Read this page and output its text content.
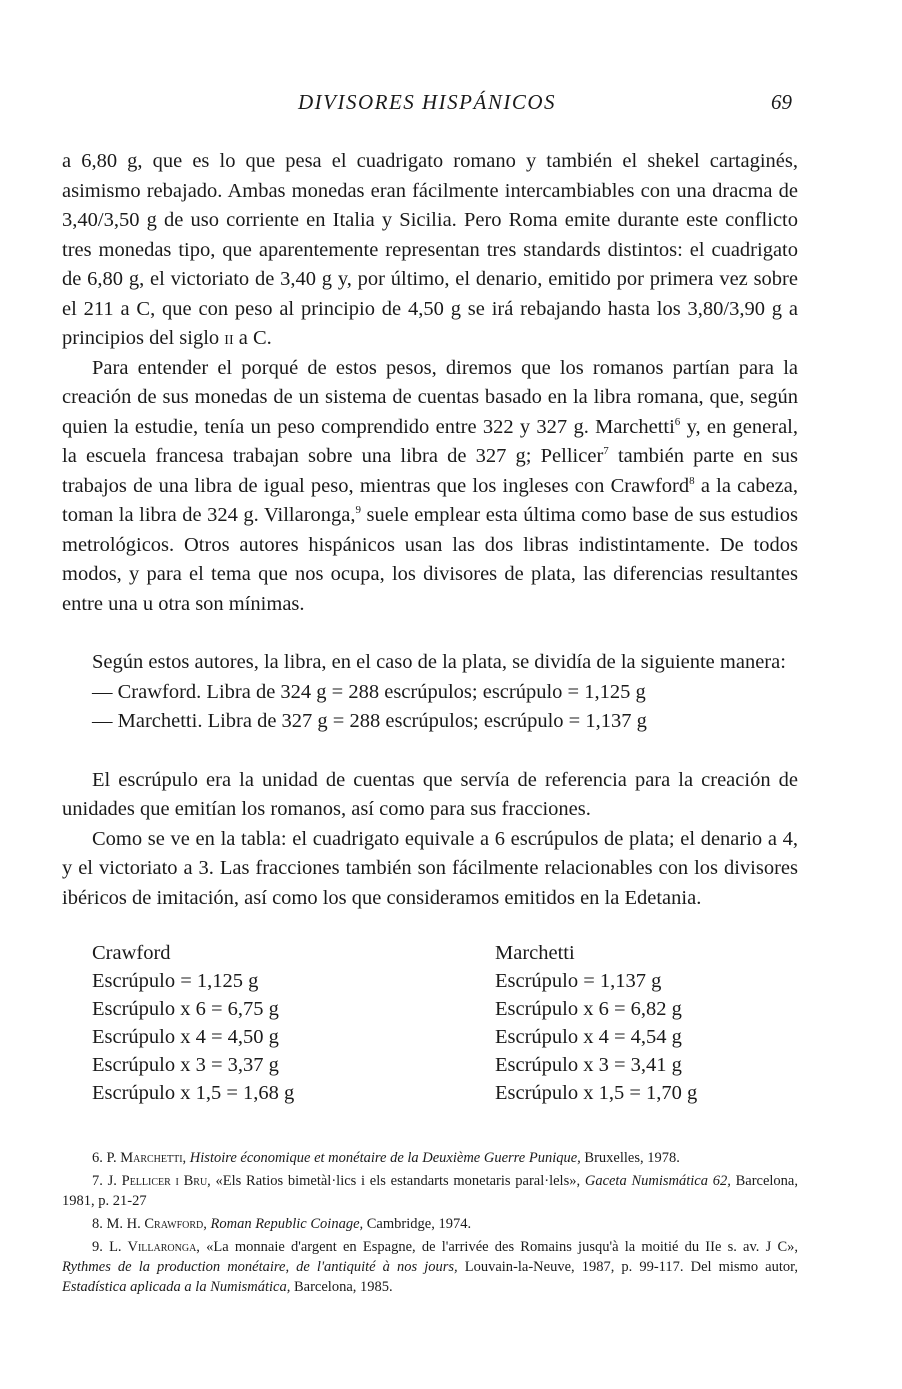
DIVISORES HISPÁNICOS	69

a 6,80 g, que es lo que pesa el cuadrigato romano y también el shekel cartaginés, asimismo rebajado. Ambas monedas eran fácilmente intercambiables con una dracma de 3,40/3,50 g de uso corriente en Italia y Sicilia. Pero Roma emite durante este conflicto tres monedas tipo, que aparentemente representan tres standards distintos: el cuadrigato de 6,80 g, el victoriato de 3,40 g y, por último, el denario, emitido por primera vez sobre el 211 a C, que con peso al principio de 4,50 g se irá rebajando hasta los 3,80/3,90 g a principios del siglo ii a C.

Para entender el porqué de estos pesos, diremos que los romanos partían para la creación de sus monedas de un sistema de cuentas basado en la libra romana, que, según quien la estudie, tenía un peso comprendido entre 322 y 327 g. Marchetti$^6$ y, en general, la escuela francesa trabajan sobre una libra de 327 g; Pellicer$^7$ también parte en sus trabajos de una libra de igual peso, mientras que los ingleses con Crawford$^8$ a la cabeza, toman la libra de 324 g. Villaronga,$^9$ suele emplear esta última como base de sus estudios metrológicos. Otros autores hispánicos usan las dos libras indistintamente. De todos modos, y para el tema que nos ocupa, los divisores de plata, las diferencias resultantes entre una u otra son mínimas.

Según estos autores, la libra, en el caso de la plata, se dividía de la siguiente manera:

— Crawford. Libra de 324 g = 288 escrúpulos; escrúpulo = 1,125 g

— Marchetti. Libra de 327 g = 288 escrúpulos; escrúpulo = 1,137 g

El escrúpulo era la unidad de cuentas que servía de referencia para la creación de unidades que emitían los romanos, así como para sus fracciones.

Como se ve en la tabla: el cuadrigato equivale a 6 escrúpulos de plata; el denario a 4, y el victoriato a 3. Las fracciones también son fácilmente relacionables con los divisores ibéricos de imitación, así como los que consideramos emitidos en la Edetania.

Crawford
Escrúpulo = 1,125 g
Escrúpulo x 6 = 6,75 g
Escrúpulo x 4 = 4,50 g
Escrúpulo x 3 = 3,37 g
Escrúpulo x 1,5 = 1,68 g
Marchetti
Escrúpulo = 1,137 g
Escrúpulo x 6 = 6,82 g
Escrúpulo x 4 = 4,54 g
Escrúpulo x 3 = 3,41 g
Escrúpulo x 1,5 = 1,70 g

6. P. Marchetti, Histoire économique et monétaire de la Deuxième Guerre Punique, Bruxelles, 1978.

7. J. Pellicer i Bru, «Els Ratios bimetàl·lics i els estandarts monetaris paral·lels», Gaceta Numismática 62, Barcelona, 1981, p. 21-27

8. M. H. Crawford, Roman Republic Coinage, Cambridge, 1974.

9. L. Villaronga, «La monnaie d'argent en Espagne, de l'arrivée des Romains jusqu'à la moitié du IIe s. av. J C», Rythmes de la production monétaire, de l'antiquité à nos jours, Louvain-la-Neuve, 1987, p. 99-117. Del mismo autor, Estadística aplicada a la Numismática, Barcelona, 1985.
